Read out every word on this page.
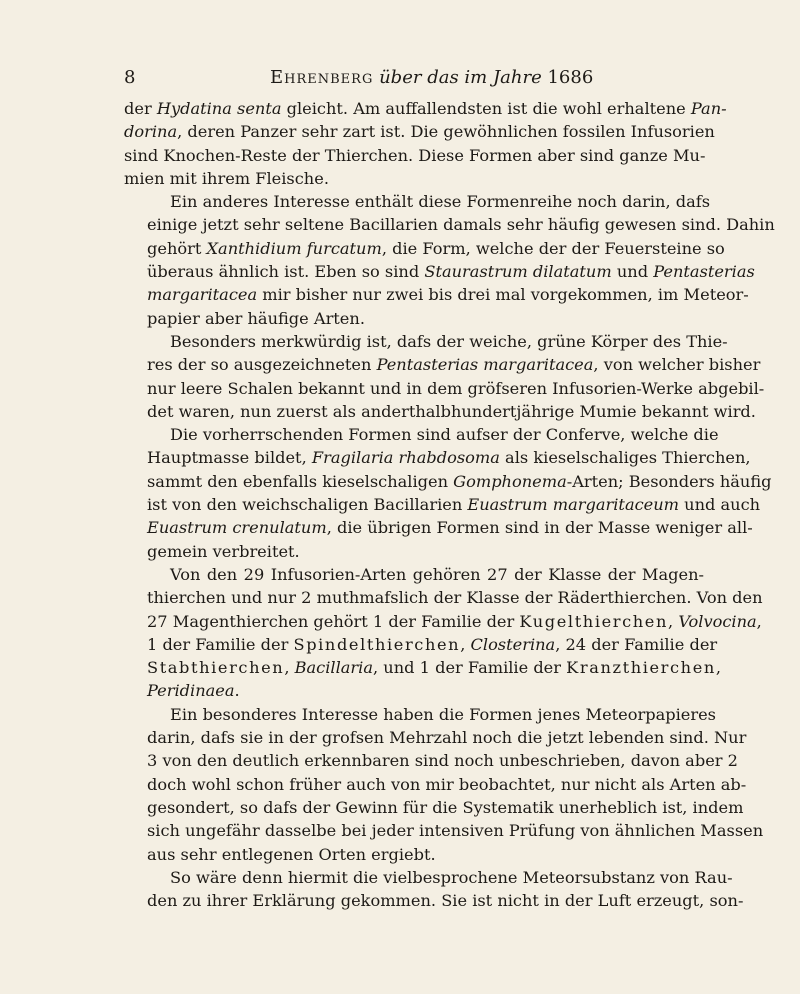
8	Ehrenberg über das im Jahre 1686
der Hydatina senta gleicht. Am auffallendsten ist die wohl erhaltene Pan-
dorina, deren Panzer sehr zart ist. Die gewöhnlichen fossilen Infusorien
sind Knochen-Reste der Thierchen. Diese Formen aber sind ganze Mu-
mien mit ihrem Fleische.
Ein anderes Interesse enthält diese Formenreihe noch darin, dafs
einige jetzt sehr seltene Bacillarien damals sehr häufig gewesen sind. Dahin
gehört Xanthidium furcatum, die Form, welche der der Feuersteine so
überaus ähnlich ist. Eben so sind Staurastrum dilatatum und Pentasterias
margaritacea mir bisher nur zwei bis drei mal vorgekommen, im Meteor-
papier aber häufige Arten.
Besonders merkwürdig ist, dafs der weiche, grüne Körper des Thie-
res der so ausgezeichneten Pentasterias margaritacea, von welcher bisher
nur leere Schalen bekannt und in dem gröfseren Infusorien-Werke abgebil-
det waren, nun zuerst als anderthalbhundertjährige Mumie bekannt wird.
Die vorherrschenden Formen sind aufser der Conferve, welche die
Hauptmasse bildet, Fragilaria rhabdosoma als kieselschaliges Thierchen,
sammt den ebenfalls kieselschaligen Gomphonema-Arten; Besonders häufig
ist von den weichschaligen Bacillarien Euastrum margaritaceum und auch
Euastrum crenulatum, die übrigen Formen sind in der Masse weniger all-
gemein verbreitet.
Von den 29 Infusorien-Arten gehören 27 der Klasse der Magen-
thierchen und nur 2 muthmafslich der Klasse der Räderthierchen. Von den
27 Magenthierchen gehört 1 der Familie der Kugelthierchen, Volvocina,
1 der Familie der Spindelthierchen, Closterina, 24 der Familie der
Stabthierchen, Bacillaria, und 1 der Familie der Kranzthierchen,
Peridinaea.
Ein besonderes Interesse haben die Formen jenes Meteorpapieres
darin, dafs sie in der grofsen Mehrzahl noch die jetzt lebenden sind. Nur
3 von den deutlich erkennbaren sind noch unbeschrieben, davon aber 2
doch wohl schon früher auch von mir beobachtet, nur nicht als Arten ab-
gesondert, so dafs der Gewinn für die Systematik unerheblich ist, indem
sich ungefähr dasselbe bei jeder intensiven Prüfung von ähnlichen Massen
aus sehr entlegenen Orten ergiebt.
So wäre denn hiermit die vielbesprochene Meteorsubstanz von Rau-
den zu ihrer Erklärung gekommen. Sie ist nicht in der Luft erzeugt, son-
